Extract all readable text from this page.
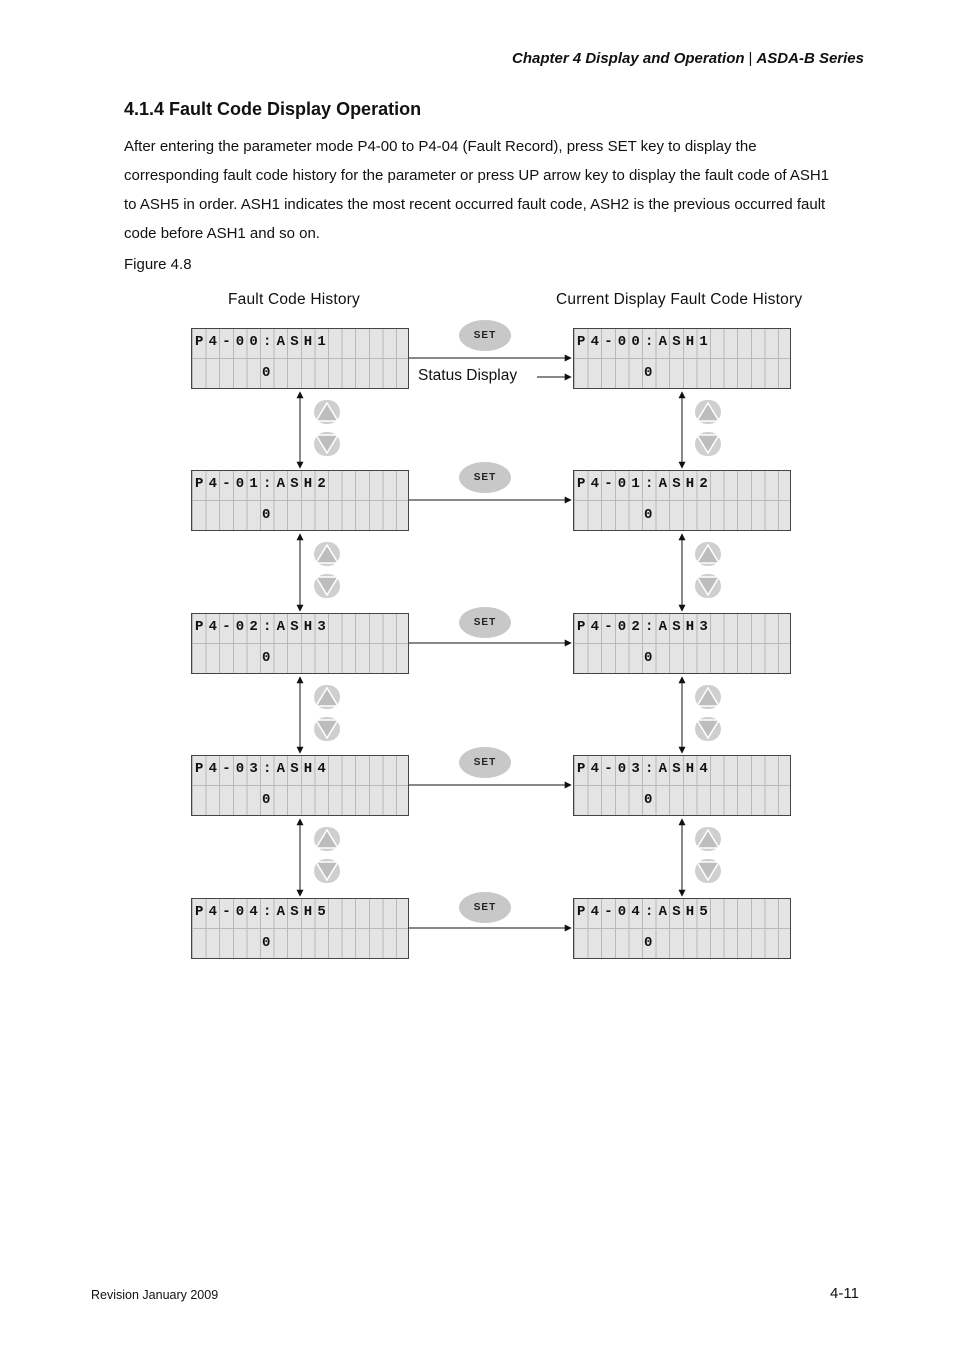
Chapter 4 Display and Operation | ASDA-B Series
4.1.4 Fault Code Display Operation
After entering the parameter mode P4-00 to P4-04 (Fault Record), press SET key to display the corresponding fault code history for the parameter or press UP arrow key to display the fault code of ASH1 to ASH5 in order. ASH1 indicates the most recent occurred fault code, ASH2 is the previous occurred fault code before ASH1 and so on.
Figure 4.8
Fault Code History	Current Display Fault Code History
P4-00:ASH1
0
P4-00:ASH1
0
SET
P4-01:ASH2
0
P4-01:ASH2
0
SET
P4-02:ASH3
0
P4-02:ASH3
0
SET
P4-03:ASH4
0
P4-03:ASH4
0
SET
P4-04:ASH5
0
P4-04:ASH5
0
SET
Status Display
Revision January 2009	4-11
